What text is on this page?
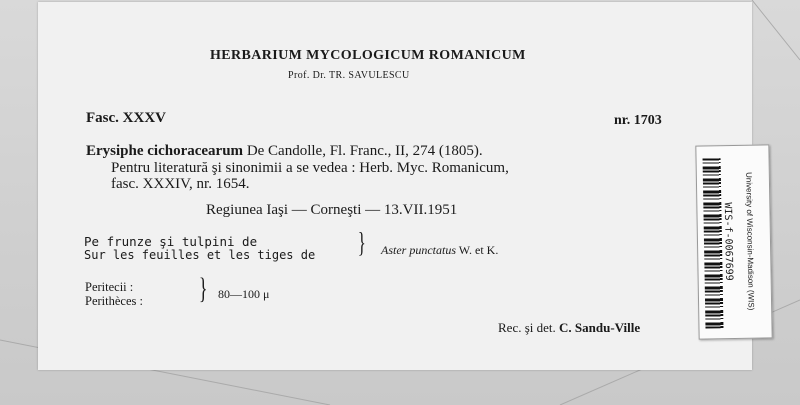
HERBARIUM MYCOLOGICUM ROMANICUM
Prof. Dr. TR. SAVULESCU
Fasc. XXXV	nr. 1703
Erysiphe cichoracearum De Candolle, Fl. Franc., II, 274 (1805).
Pentru literatură şi sinonimii a se vedea : Herb. Myc. Romanicum,
fasc. XXXIV, nr. 1654.
Regiunea Iaşi — Corneşti — 13.VII.1951
Pe frunze şi tulpini de
Sur les feuilles et les tiges de } Aster punctatus W. et K.
Peritecii :
Perithèces : } 80—100 μ
Rec. şi det. C. Sandu-Ville
WIS-f-0067699 University of Wisconsin-Madison (WIS)
